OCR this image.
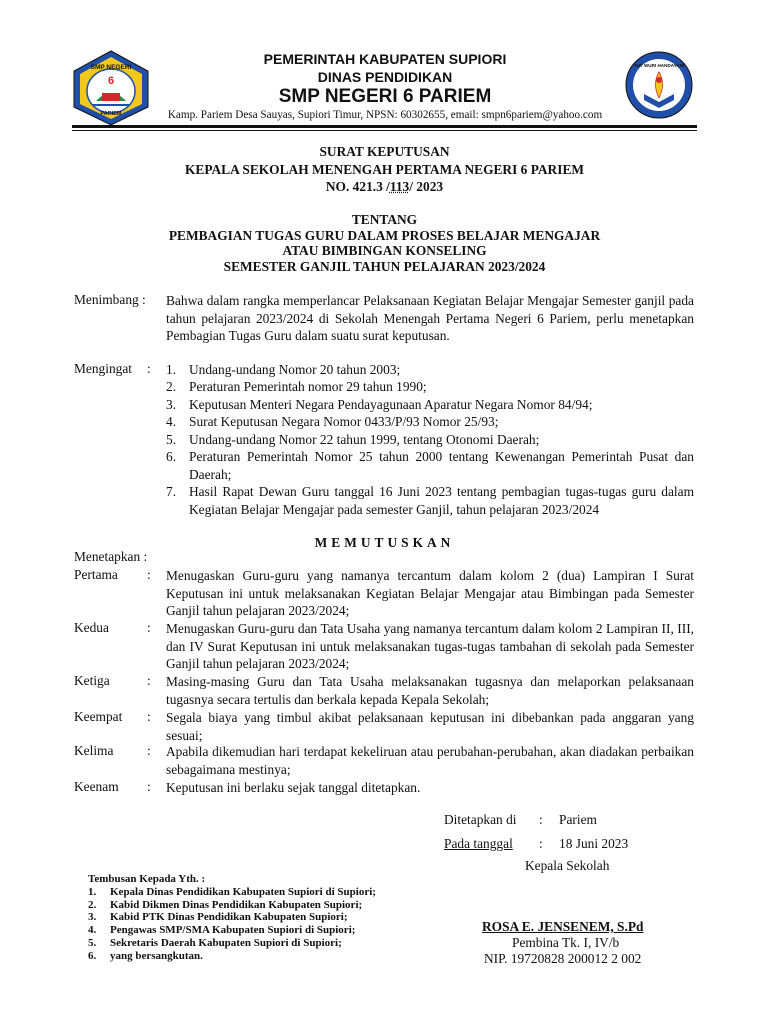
SMP NEGERI
6
PARIEM
TUT WURI HANDAYANI
PEMERINTAH KABUPATEN SUPIORI
DINAS PENDIDIKAN
SMP NEGERI 6 PARIEM
Kamp. Pariem Desa Sauyas, Supiori Timur, NPSN: 60302655, email: smpn6pariem@yahoo.com
SURAT KEPUTUSAN
KEPALA SEKOLAH MENENGAH PERTAMA NEGERI 6 PARIEM
NO. 421.3 /113/ 2023
TENTANG
PEMBAGIAN TUGAS GURU DALAM PROSES BELAJAR MENGAJAR
ATAU BIMBINGAN KONSELING
SEMESTER GANJIL TAHUN PELAJARAN 2023/2024
Menimbang : Bahwa dalam rangka memperlancar Pelaksanaan Kegiatan Belajar Mengajar Semester ganjil pada tahun pelajaran 2023/2024 di Sekolah Menengah Pertama Negeri 6 Pariem, perlu menetapkan Pembagian Tugas Guru dalam suatu surat keputusan.
Mengingat : 1. Undang-undang Nomor 20 tahun 2003;
2. Peraturan Pemerintah nomor 29 tahun 1990;
3. Keputusan Menteri Negara Pendayagunaan Aparatur Negara Nomor 84/94;
4. Surat Keputusan Negara Nomor 0433/P/93 Nomor 25/93;
5. Undang-undang Nomor 22 tahun 1999, tentang Otonomi Daerah;
6. Peraturan Pemerintah Nomor 25 tahun 2000 tentang Kewenangan Pemerintah Pusat dan Daerah;
7. Hasil Rapat Dewan Guru tanggal 16 Juni 2023 tentang pembagian tugas-tugas guru dalam Kegiatan Belajar Mengajar pada semester Ganjil, tahun pelajaran 2023/2024
MEMUTUSKAN
Menetapkan :
Pertama : Menugaskan Guru-guru yang namanya tercantum dalam kolom 2 (dua) Lampiran I Surat Keputusan ini untuk melaksanakan Kegiatan Belajar Mengajar atau Bimbingan pada Semester Ganjil tahun pelajaran 2023/2024;
Kedua	: Menugaskan Guru-guru dan Tata Usaha yang namanya tercantum dalam kolom 2 Lampiran II, III, dan IV Surat Keputusan ini untuk melaksanakan tugas-tugas tambahan di sekolah pada Semester Ganjil tahun pelajaran 2023/2024;
Ketiga	: Masing-masing Guru dan Tata Usaha melaksanakan tugasnya dan melaporkan pelaksanaan tugasnya secara tertulis dan berkala kepada Kepala Sekolah;
Keempat : Segala biaya yang timbul akibat pelaksanaan keputusan ini dibebankan pada anggaran yang sesuai;
Kelima	: Apabila dikemudian hari terdapat kekeliruan atau perubahan-perubahan, akan diadakan perbaikan sebagaimana mestinya;
Keenam : Keputusan ini berlaku sejak tanggal ditetapkan.
Ditetapkan di : Pariem
Pada tanggal	: 18 Juni 2023
Kepala Sekolah
ROSA E. JENSENEM, S.Pd
Pembina Tk. I, IV/b
NIP. 19720828 200012 2 002
Tembusan Kepada Yth. :
1. Kepala Dinas Pendidikan Kabupaten Supiori di Supiori;
2. Kabid Dikmen Dinas Pendidikan Kabupaten Supiori;
3. Kabid PTK Dinas Pendidikan Kabupaten Supiori;
4. Pengawas SMP/SMA Kabupaten Supiori di Supiori;
5. Sekretaris Daerah Kabupaten Supiori di Supiori;
6. yang bersangkutan.
